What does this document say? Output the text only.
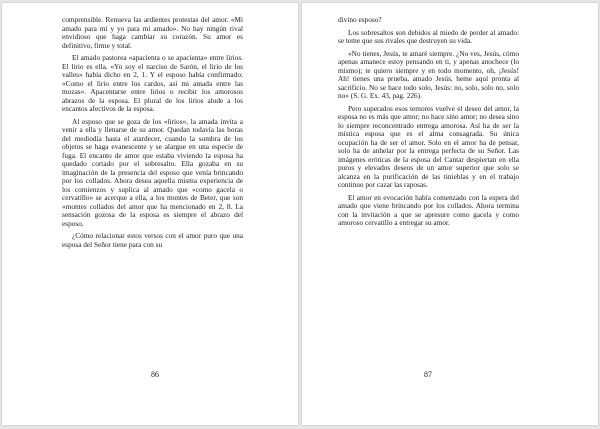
comprensible. Renueva las ardientes protestas del amor. «Mi amado para mí y yo para mi amado». No hay ningún rival envidioso que haga cambiar su corazón. Su amor es definitivo, firme y total.

El amado pastorea «apacienta o se apacienta» entre lirios. El lirio es ella. «Yo soy el narciso de Sarón, el lirio de los valles» había dicho en 2, 1. Y el esposo había confirmado: «Como el lirio entre los cardos, así mi amada entre las mozas». Apacentarse entre lirios o recibir los amorosos abrazos de la esposa. El plural de los lirios alude a los encantos afectivos de la esposa.

Al esposo que se goza de los «lirios», la amada invita a venir a ella y llenarse de su amor. Quedan todavía las horas del mediodía hasta el atardecer, cuando la sombra de los objetos se haga evanescente y se alargue en una especie de fuga. El encanto de amor que estaba viviendo la esposa ha quedado cortado por el sobresalto. Ella gozaba en su imaginación de la presencia del esposo que venía brincando por los collados. Ahora desea aquella misma experiencia de los comienzos y suplica al amado que «como gacela o cervatillo» se acerque a ella, a los montes de Beter, que son «montes collados del amor que ha mencionado en 2, 8. La sensación gozosa de la esposa es siempre el abrazo del esposo.

¿Cómo relacionar estos versos con el amor puro que una esposa del Señor tiene para con su

86

divino esposo?

Los sobresaltos son debidos al miedo de perder al amado: se teme que sus rivales que destruyen su vida.

«No tienes, Jesús, te amaré siempre. ¿No ves, Jesús, cómo apenas amanece estoy pensando en ti, y apenas anochece (lo mismo); te quiero siempre y en todo momento, oh, ¡Jesús! Ah! tienes una prueba, amado Jesús, heme aquí pronta al sacrificio. No se hace todo solo, Jesús: no, solo, solo no, solo no» (S. G. Ex. 43, pag. 226).

Pero superados esos temores vuelve el deseo del amor, la esposa no es más que amor; no hace sino amor; no desea sino lo siempre reconcentrado entrega amorosa. Así ha de ser la mística esposa que es el alma consagrada. Su única ocupación ha de ser el amor. Solo en el amor ha de pensar, solo ha de anhelar por la entrega perfecta de su Señor. Las imágenes eróticas de la esposa del Cantar despiertan en ella puros y elevados deseos de un amor superior que solo se alcanza en la purificación de las tinieblas y en el trabajo continuo por cazar las raposas.

El amor en evocación había comenzado con la espera del amado que viene brincando por los collados. Ahora termina con la invitación a que se apresure como gacela y como amoroso cervatillo a entregar su amor.

87
